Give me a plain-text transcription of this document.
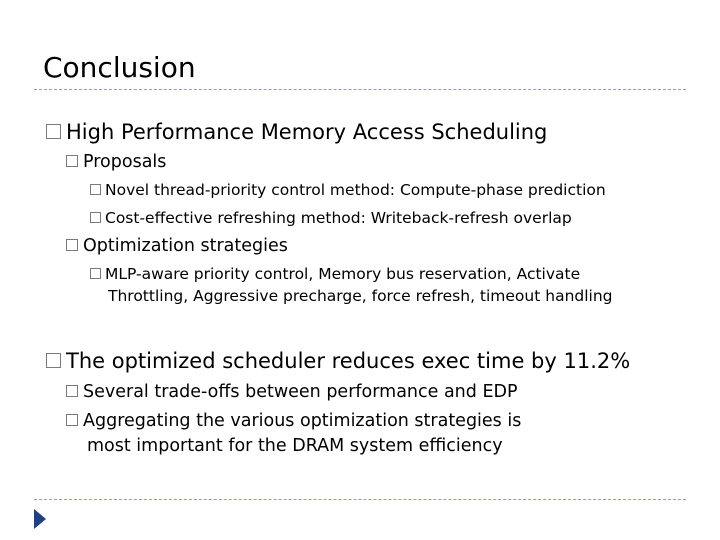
Conclusion
High Performance Memory Access Scheduling
Proposals
Novel thread-priority control method: Compute-phase prediction
Cost-effective refreshing method: Writeback-refresh overlap
Optimization strategies
MLP-aware priority control, Memory bus reservation, Activate
Throttling, Aggressive precharge, force refresh, timeout handling
The optimized scheduler reduces exec time by 11.2%
Several trade-offs between performance and EDP
Aggregating the various optimization strategies is
most important for the DRAM system efficiency
